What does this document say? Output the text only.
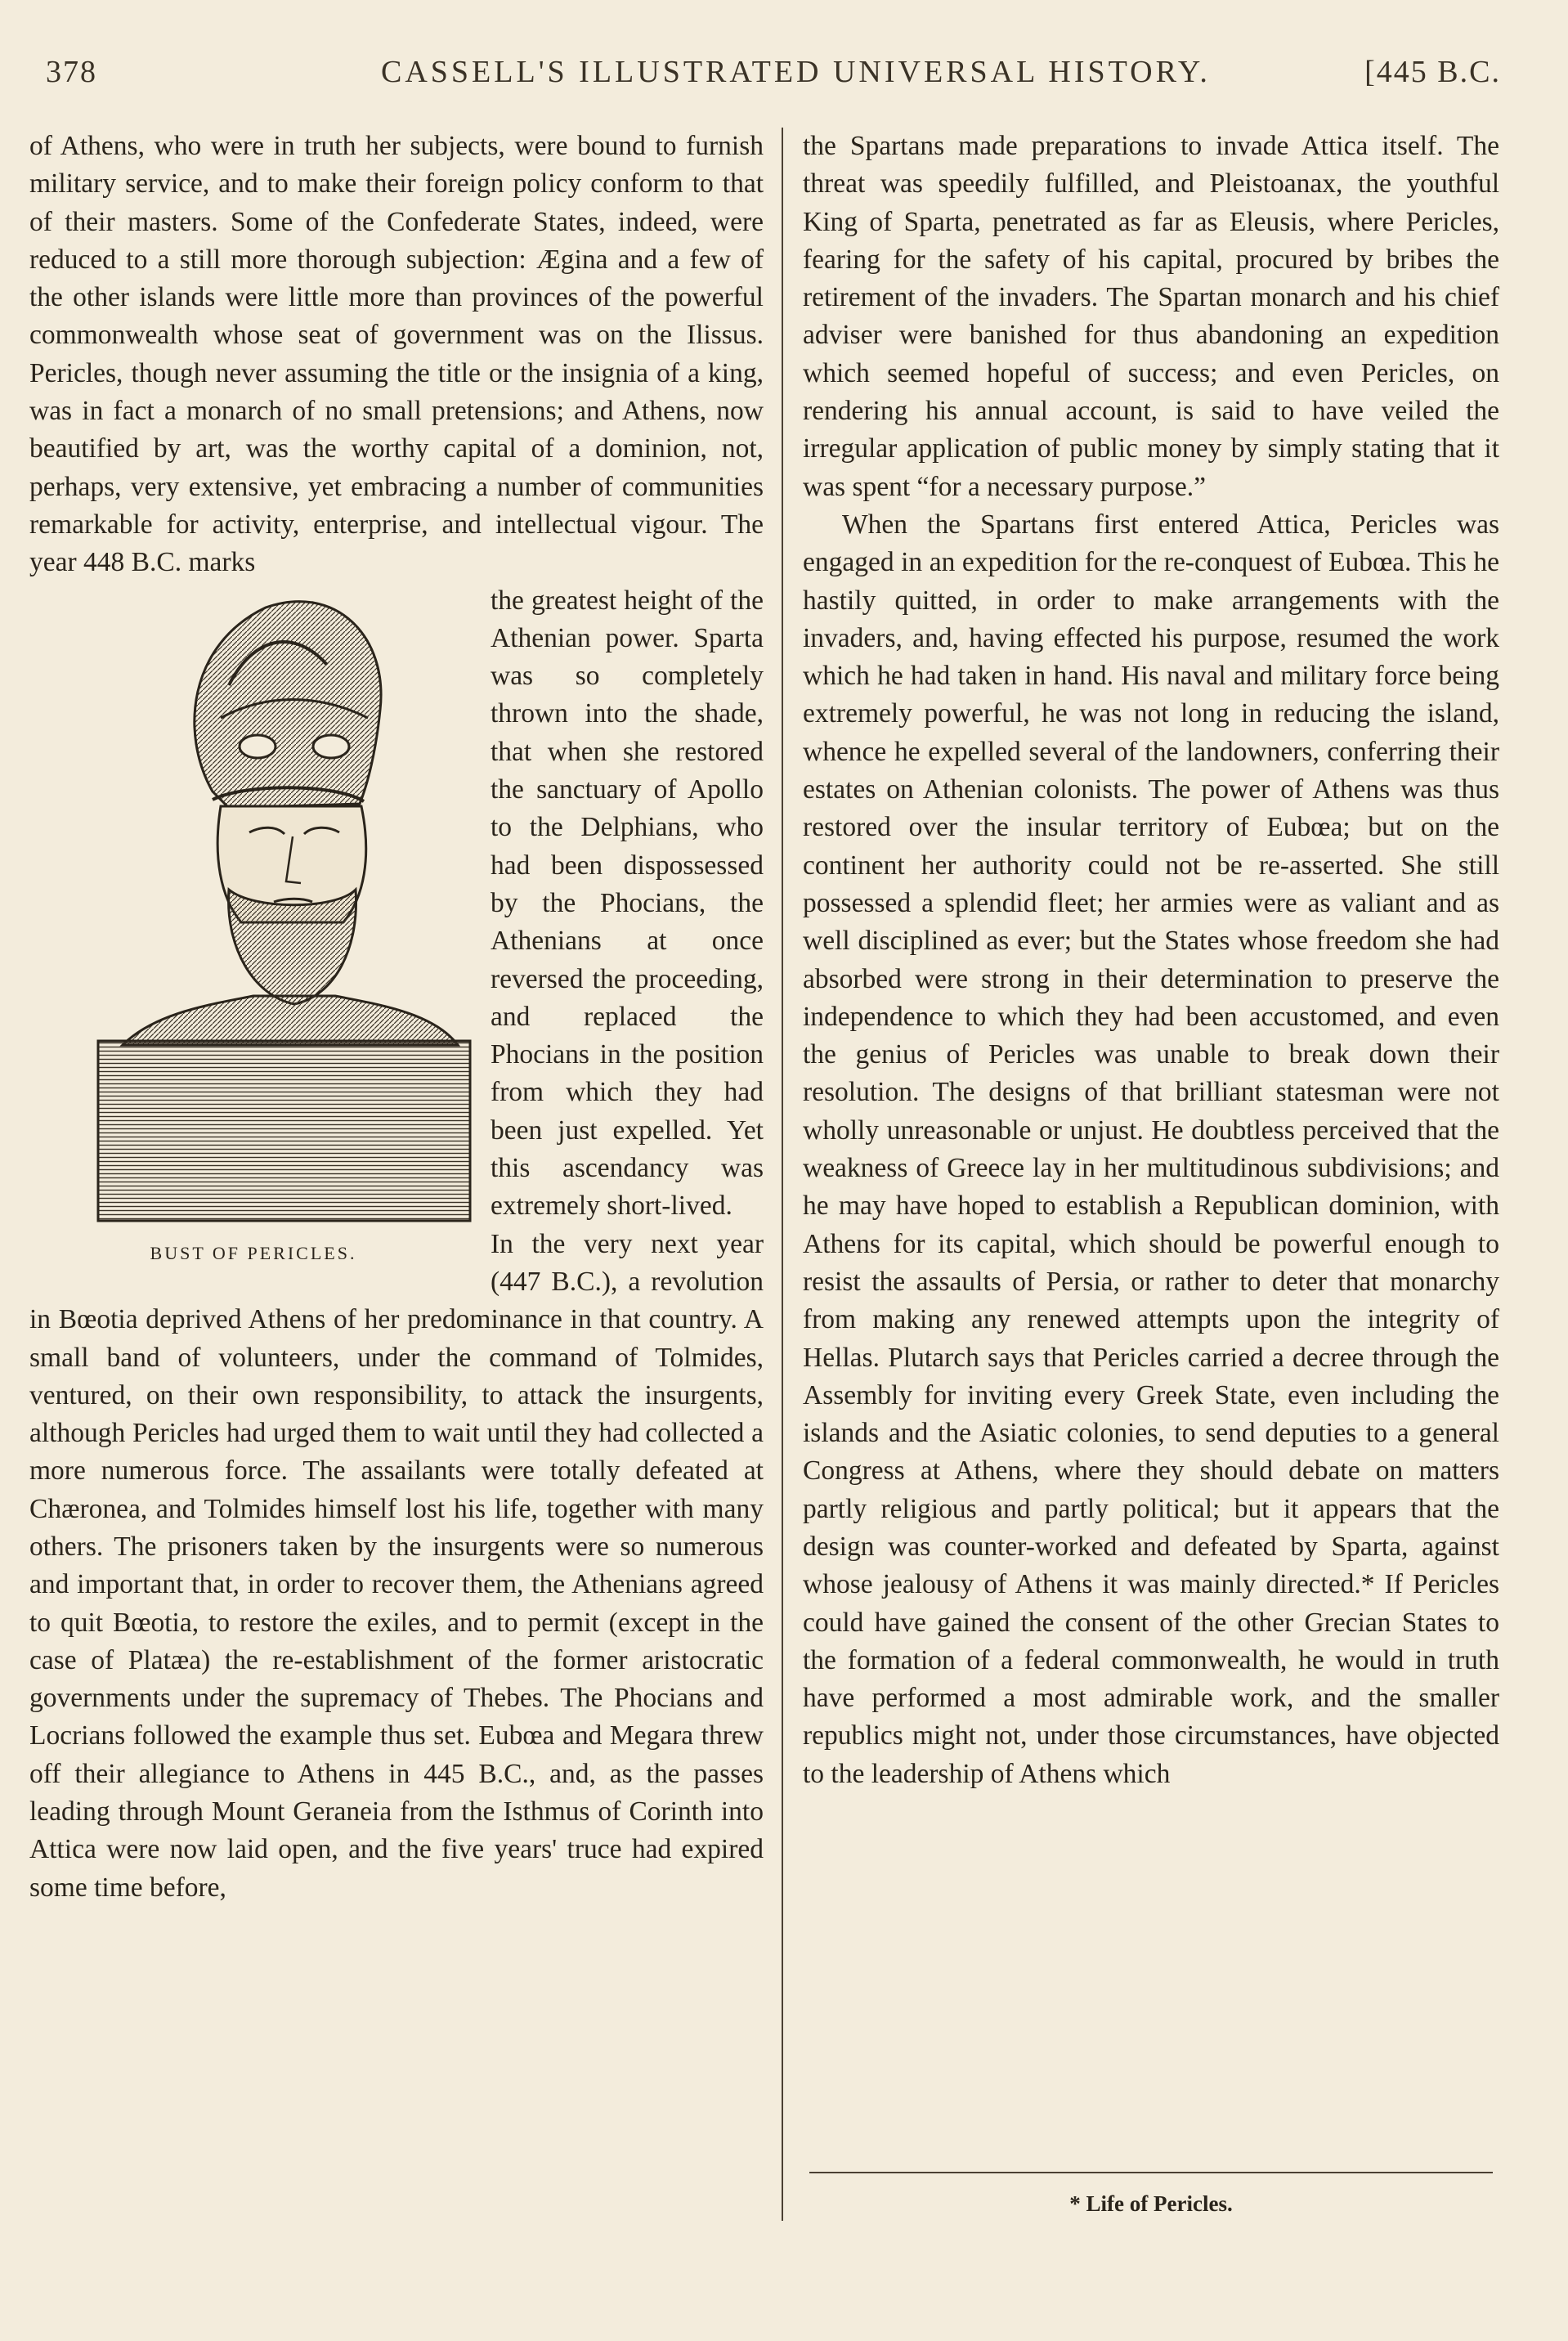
378	CASSELL'S ILLUSTRATED UNIVERSAL HISTORY.	[445 B.C.

of Athens, who were in truth her subjects, were bound to furnish military service, and to make their foreign policy conform to that of their masters. Some of the Confederate States, indeed, were reduced to a still more thorough subjection: Ægina and a few of the other islands were little more than provinces of the powerful commonwealth whose seat of government was on the Ilissus. Pericles, though never assuming the title or the insignia of a king, was in fact a monarch of no small pretensions; and Athens, now beautified by art, was the worthy capital of a dominion, not, perhaps, very extensive, yet embracing a number of communities remarkable for activity, enterprise, and intellectual vigour. The year 448 B.C. marks

BUST OF PERICLES.

the greatest height of the Athenian power. Sparta was so completely thrown into the shade, that when she restored the sanctuary of Apollo to the Delphians, who had been dispossessed by the Phocians, the Athenians at once reversed the proceeding, and replaced the Phocians in the position from which they had been just expelled. Yet this ascendancy was extremely short-lived.

In the very next year (447 B.C.), a revolution in Bœotia deprived Athens of her predominance in that country. A small band of volunteers, under the command of Tolmides, ventured, on their own responsibility, to attack the insurgents, although Pericles had urged them to wait until they had collected a more numerous force. The assailants were totally defeated at Chæronea, and Tolmides himself lost his life, together with many others. The prisoners taken by the insurgents were so numerous and important that, in order to recover them, the Athenians agreed to quit Bœotia, to restore the exiles, and to permit (except in the case of Platæa) the re-establishment of the former aristocratic governments under the supremacy of Thebes. The Phocians and Locrians followed the example thus set. Eubœa and Megara threw off their allegiance to Athens in 445 B.C., and, as the passes leading through Mount Geraneia from the Isthmus of Corinth into Attica were now laid open, and the five years' truce had expired some time before,

the Spartans made preparations to invade Attica itself. The threat was speedily fulfilled, and Pleistoanax, the youthful King of Sparta, penetrated as far as Eleusis, where Pericles, fearing for the safety of his capital, procured by bribes the retirement of the invaders. The Spartan monarch and his chief adviser were banished for thus abandoning an expedition which seemed hopeful of success; and even Pericles, on rendering his annual account, is said to have veiled the irregular application of public money by simply stating that it was spent “for a necessary purpose.”

When the Spartans first entered Attica, Pericles was engaged in an expedition for the re-conquest of Eubœa. This he hastily quitted, in order to make arrangements with the invaders, and, having effected his purpose, resumed the work which he had taken in hand. His naval and military force being extremely powerful, he was not long in reducing the island, whence he expelled several of the landowners, conferring their estates on Athenian colonists. The power of Athens was thus restored over the insular territory of Eubœa; but on the continent her authority could not be re-asserted. She still possessed a splendid fleet; her armies were as valiant and as well disciplined as ever; but the States whose freedom she had absorbed were strong in their determination to preserve the independence to which they had been accustomed, and even the genius of Pericles was unable to break down their resolution. The designs of that brilliant statesman were not wholly unreasonable or unjust. He doubtless perceived that the weakness of Greece lay in her multitudinous subdivisions; and he may have hoped to establish a Republican dominion, with Athens for its capital, which should be powerful enough to resist the assaults of Persia, or rather to deter that monarchy from making any renewed attempts upon the integrity of Hellas. Plutarch says that Pericles carried a decree through the Assembly for inviting every Greek State, even including the islands and the Asiatic colonies, to send deputies to a general Congress at Athens, where they should debate on matters partly religious and partly political; but it appears that the design was counter-worked and defeated by Sparta, against whose jealousy of Athens it was mainly directed.* If Pericles could have gained the consent of the other Grecian States to the formation of a federal commonwealth, he would in truth have performed a most admirable work, and the smaller republics might not, under those circumstances, have objected to the leadership of Athens which

* Life of Pericles.
